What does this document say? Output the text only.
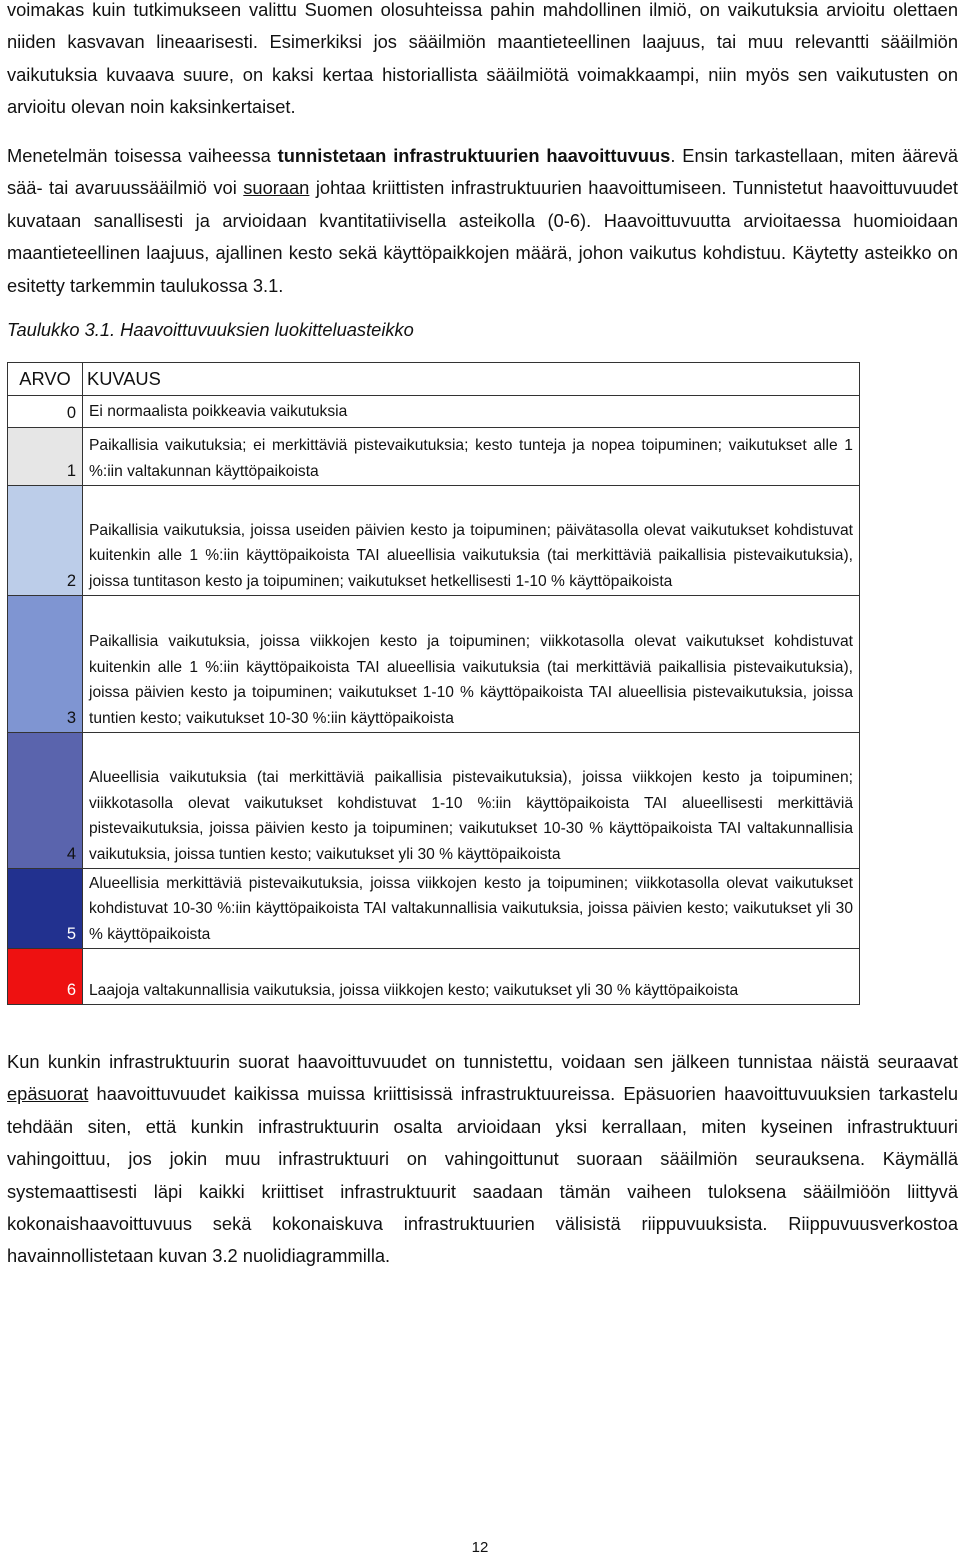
voimakas kuin tutkimukseen valittu Suomen olosuhteissa pahin mahdollinen ilmiö, on vaikutuksia arvioitu olettaen niiden kasvavan lineaarisesti. Esimerkiksi jos sääilmiön maantieteellinen laajuus, tai muu relevantti sääilmiön vaikutuksia kuvaava suure, on kaksi kertaa historiallista sääilmiötä voimakkaampi, niin myös sen vaikutusten on arvioitu olevan noin kaksinkertaiset.

Menetelmän toisessa vaiheessa tunnistetaan infrastruktuurien haavoittuvuus. Ensin tarkastellaan, miten äärevä sää- tai avaruussääilmiö voi suoraan johtaa kriittisten infrastruktuurien haavoittumiseen. Tunnistetut haavoittuvuudet kuvataan sanallisesti ja arvioidaan kvantitatiivisella asteikolla (0-6). Haavoittuvuutta arvioitaessa huomioidaan maantieteellinen laajuus, ajallinen kesto sekä käyttöpaikkojen määrä, johon vaikutus kohdistuu. Käytetty asteikko on esitetty tarkemmin taulukossa 3.1.

Taulukko 3.1. Haavoittuvuuksien luokitteluasteikko

ARVO	KUVAUS
0	Ei normaalista poikkeavia vaikutuksia
1	Paikallisia vaikutuksia; ei merkittäviä pistevaikutuksia; kesto tunteja ja nopea toipuminen; vaikutukset alle 1 %:iin valtakunnan käyttöpaikoista
2	Paikallisia vaikutuksia, joissa useiden päivien kesto ja toipuminen; päivätasolla olevat vaikutukset kohdistuvat kuitenkin alle 1 %:iin käyttöpaikoista TAI alueellisia vaikutuksia (tai merkittäviä paikallisia pistevaikutuksia), joissa tuntitason kesto ja toipuminen; vaikutukset hetkellisesti 1-10 % käyttöpaikoista
3	Paikallisia vaikutuksia, joissa viikkojen kesto ja toipuminen; viikkotasolla olevat vaikutukset kohdistuvat kuitenkin alle 1 %:iin käyttöpaikoista TAI alueellisia vaikutuksia (tai merkittäviä paikallisia pistevaikutuksia), joissa päivien kesto ja toipuminen; vaikutukset 1-10 % käyttöpaikoista TAI alueellisia pistevaikutuksia, joissa tuntien kesto; vaikutukset 10-30 %:iin käyttöpaikoista
4	Alueellisia vaikutuksia (tai merkittäviä paikallisia pistevaikutuksia), joissa viikkojen kesto ja toipuminen; viikkotasolla olevat vaikutukset kohdistuvat 1-10 %:iin käyttöpaikoista TAI alueellisesti merkittäviä pistevaikutuksia, joissa päivien kesto ja toipuminen; vaikutukset 10-30 % käyttöpaikoista TAI valtakunnallisia vaikutuksia, joissa tuntien kesto; vaikutukset yli 30 % käyttöpaikoista
5	Alueellisia merkittäviä pistevaikutuksia, joissa viikkojen kesto ja toipuminen; viikkotasolla olevat vaikutukset kohdistuvat 10-30 %:iin käyttöpaikoista TAI valtakunnallisia vaikutuksia, joissa päivien kesto; vaikutukset yli 30 % käyttöpaikoista
6	Laajoja valtakunnallisia vaikutuksia, joissa viikkojen kesto; vaikutukset yli 30 % käyttöpaikoista

Kun kunkin infrastruktuurin suorat haavoittuvuudet on tunnistettu, voidaan sen jälkeen tunnistaa näistä seuraavat epäsuorat haavoittuvuudet kaikissa muissa kriittisissä infrastruktuureissa. Epäsuorien haavoittuvuuksien tarkastelu tehdään siten, että kunkin infrastruktuurin osalta arvioidaan yksi kerrallaan, miten kyseinen infrastruktuuri vahingoittuu, jos jokin muu infrastruktuuri on vahingoittunut suoraan sääilmiön seurauksena. Käymällä systemaattisesti läpi kaikki kriittiset infrastruktuurit saadaan tämän vaiheen tuloksena sääilmiöön liittyvä kokonaishaavoittuvuus sekä kokonaiskuva infrastruktuurien välisistä riippuvuuksista. Riippuvuusverkostoa havainnollistetaan kuvan 3.2 nuolidiagrammilla.

12
